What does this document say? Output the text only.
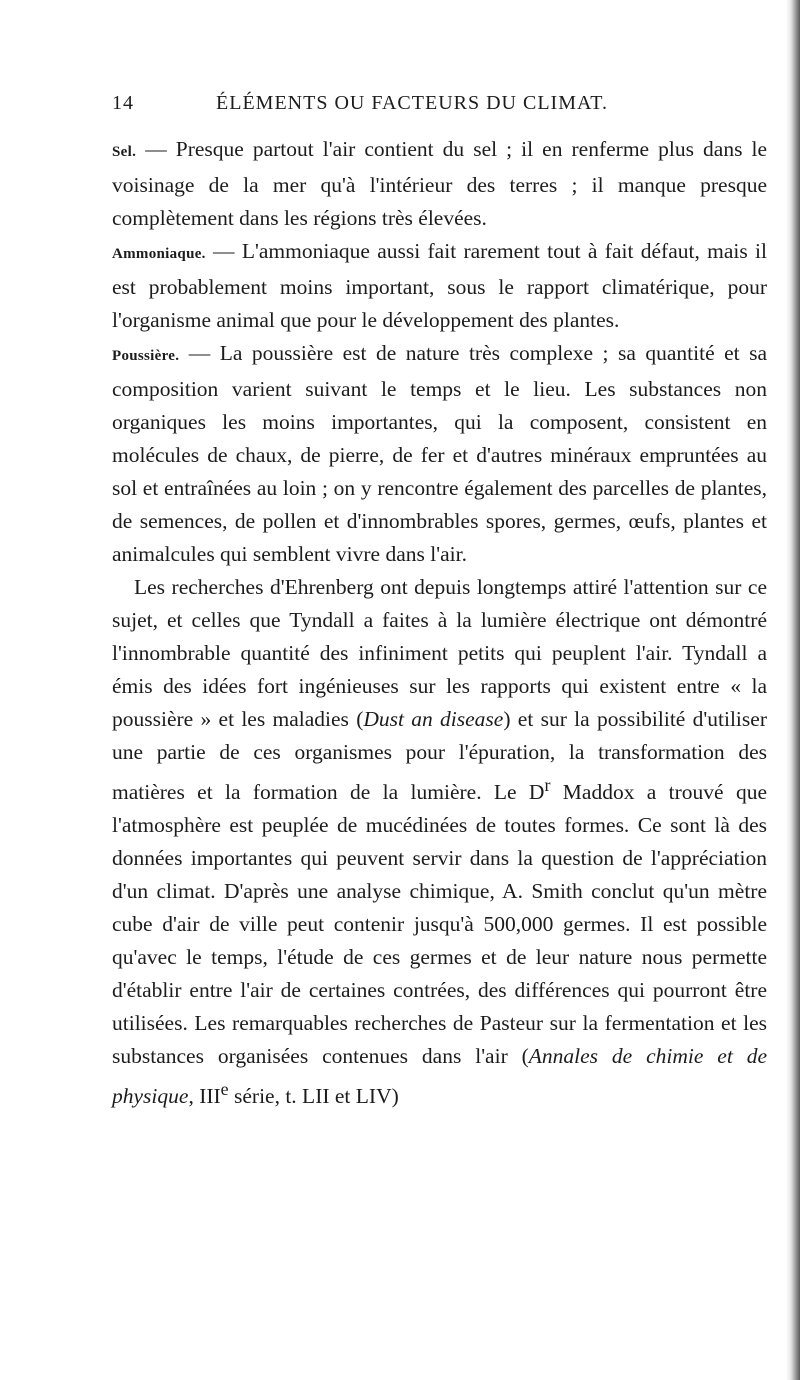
14	ÉLÉMENTS OU FACTEURS DU CLIMAT.

Sel. — Presque partout l'air contient du sel ; il en renferme plus dans le voisinage de la mer qu'à l'intérieur des terres ; il manque presque complètement dans les régions très élevées.

Ammoniaque. — L'ammoniaque aussi fait rarement tout à fait défaut, mais il est probablement moins important, sous le rapport climatérique, pour l'organisme animal que pour le développement des plantes.

Poussière. — La poussière est de nature très complexe ; sa quantité et sa composition varient suivant le temps et le lieu. Les substances non organiques les moins importantes, qui la composent, consistent en molécules de chaux, de pierre, de fer et d'autres minéraux empruntées au sol et entraînées au loin ; on y rencontre également des parcelles de plantes, de semences, de pollen et d'innombrables spores, germes, œufs, plantes et animalcules qui semblent vivre dans l'air.

Les recherches d'Ehrenberg ont depuis longtemps attiré l'attention sur ce sujet, et celles que Tyndall a faites à la lumière électrique ont démontré l'innombrable quantité des infiniment petits qui peuplent l'air. Tyndall a émis des idées fort ingénieuses sur les rapports qui existent entre « la poussière » et les maladies (Dust an disease) et sur la possibilité d'utiliser une partie de ces organismes pour l'épuration, la transformation des matières et la formation de la lumière. Le $D^r$ Maddox a trouvé que l'atmosphère est peuplée de mucédinées de toutes formes. Ce sont là des données importantes qui peuvent servir dans la question de l'appréciation d'un climat. D'après une analyse chimique, A. Smith conclut qu'un mètre cube d'air de ville peut contenir jusqu'à 500,000 germes. Il est possible qu'avec le temps, l'étude de ces germes et de leur nature nous permette d'établir entre l'air de certaines contrées, des différences qui pourront être utilisées. Les remarquables recherches de Pasteur sur la fermentation et les substances organisées contenues dans l'air (Annales de chimie et de physique, IIIe série, t. LII et LIV)
